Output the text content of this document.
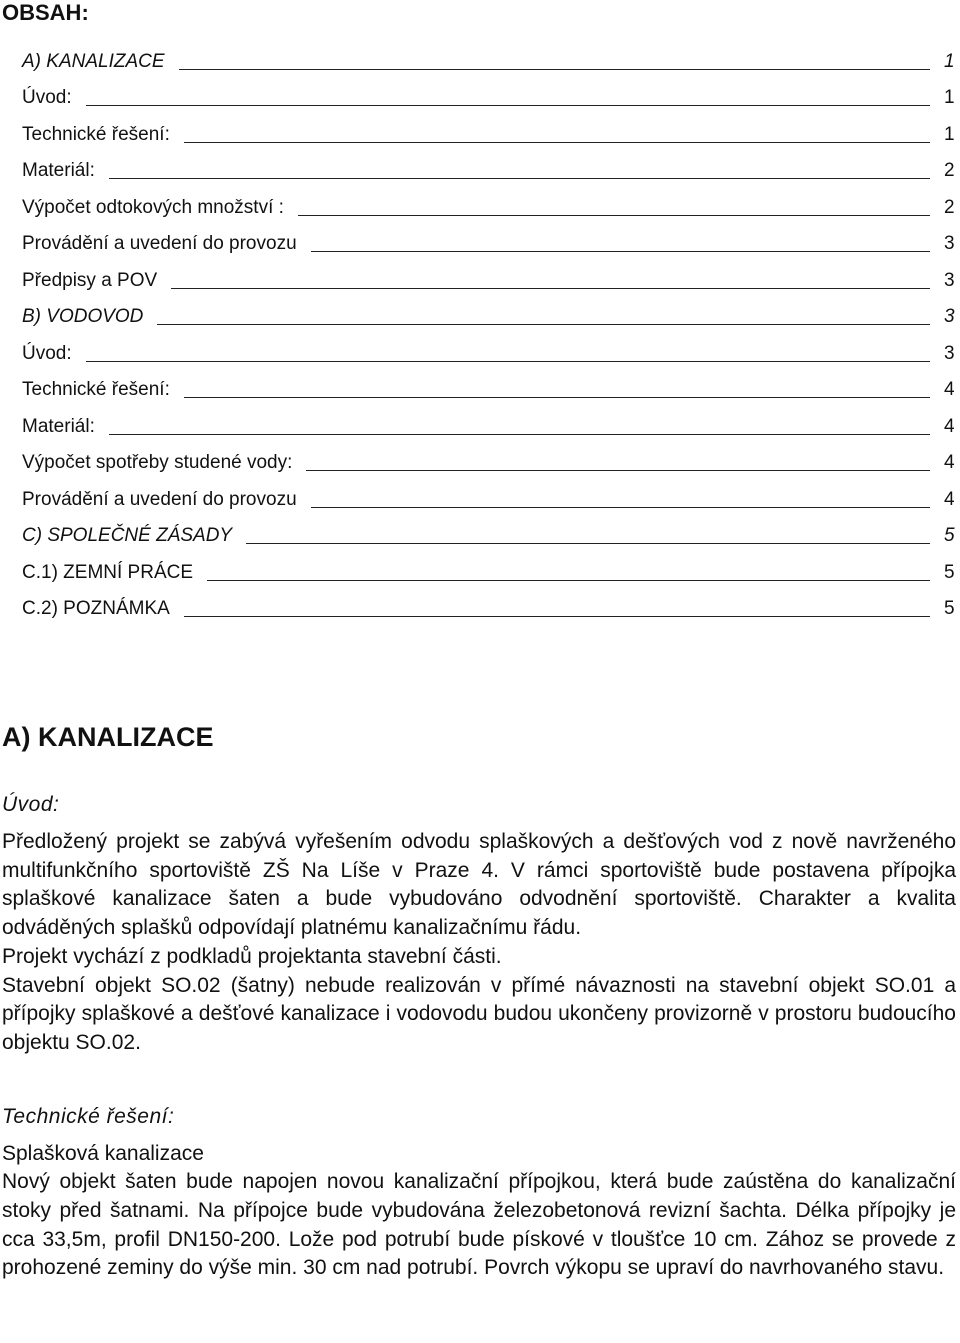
OBSAH:
A) KANALIZACE	1
Úvod:	1
Technické řešení:	1
Materiál:	2
Výpočet odtokových množství :	2
Provádění a uvedení do provozu	3
Předpisy a POV	3
B) VODOVOD	3
Úvod:	3
Technické řešení:	4
Materiál:	4
Výpočet spotřeby studené vody:	4
Provádění a uvedení do provozu	4
C) SPOLEČNÉ ZÁSADY	5
C.1) ZEMNÍ PRÁCE	5
C.2) POZNÁMKA	5
A) KANALIZACE
Úvod:

Předložený projekt se zabývá vyřešením odvodu splaškových a dešťových vod z nově navrženého multifunkčního sportoviště ZŠ Na Líše v Praze 4. V rámci sportoviště bude postavena přípojka splaškové kanalizace šaten a bude vybudováno odvodnění sportoviště. Charakter a kvalita odváděných splašků odpovídají platnému kanalizačnímu řádu.

Projekt vychází z podkladů projektanta stavební části.

Stavební objekt SO.02 (šatny) nebude realizován v přímé návaznosti na stavební objekt SO.01 a přípojky splaškové a dešťové kanalizace i vodovodu budou ukončeny provizorně v prostoru budoucího objektu SO.02.

Technické řešení:
Splašková kanalizace

Nový objekt šaten bude napojen novou kanalizační přípojkou, která bude zaústěna do kanalizační stoky před šatnami. Na přípojce bude vybudována železobetonová revizní šachta. Délka přípojky je cca 33,5m, profil DN150-200. Lože pod potrubí bude pískové v tloušťce 10 cm. Zához se provede z prohozené zeminy do výše min. 30 cm nad potrubí. Povrch výkopu se upraví do navrhovaného stavu.
